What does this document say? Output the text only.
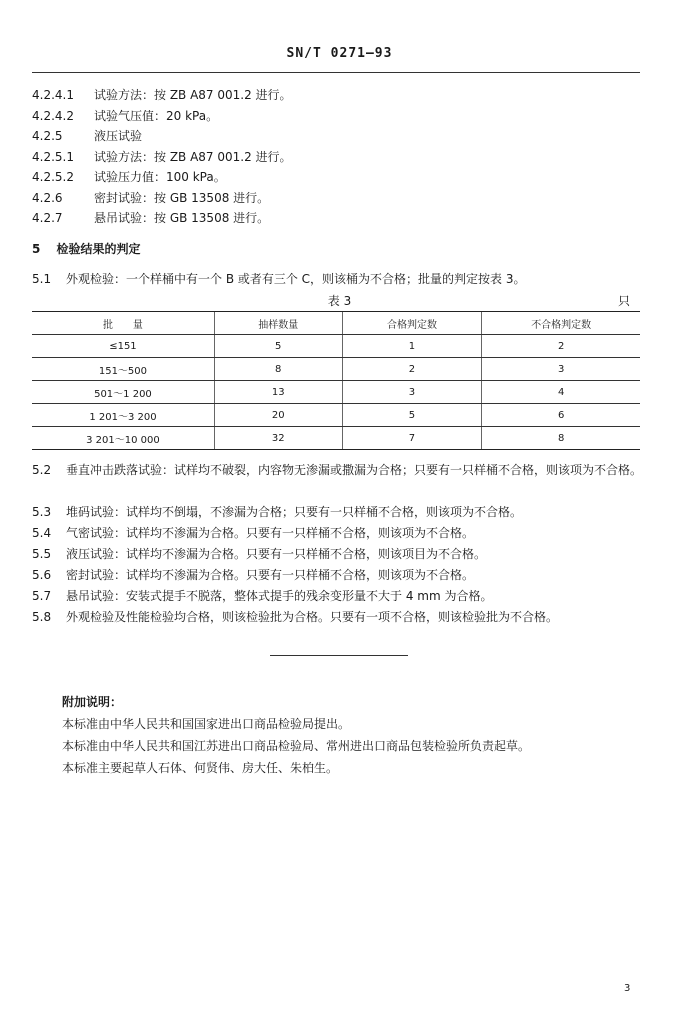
SN/T 0271—93
4.2.4.1 试验方法：按 ZB A87 001.2 进行。
4.2.4.2 试验气压值：20 kPa。
4.2.5	液压试验
4.2.5.1 试验方法：按 ZB A87 001.2 进行。
4.2.5.2 试验压力值：100 kPa。
4.2.6	密封试验：按 GB 13508 进行。
4.2.7	悬吊试验：按 GB 13508 进行。
5 检验结果的判定
5.1 外观检验：一个样桶中有一个 B 或者有三个 C，则该桶为不合格；批量的判定按表 3。
表 3	只
批　　量	抽样数量	合格判定数	不合格判定数
≤151	5	1	2
151～500	8	2	3
501～1 200	13	3	4
1 201～3 200	20	5	6
3 201～10 000	32	7	8
5.2 垂直冲击跌落试验：试样均不破裂，内容物无渗漏或撒漏为合格；只要有一只样桶不合格，则该项为不合格。
5.3 堆码试验：试样均不倒塌，不渗漏为合格；只要有一只样桶不合格，则该项为不合格。
5.4 气密试验：试样均不渗漏为合格。只要有一只样桶不合格，则该项为不合格。
5.5 液压试验：试样均不渗漏为合格。只要有一只样桶不合格，则该项目为不合格。
5.6 密封试验：试样均不渗漏为合格。只要有一只样桶不合格，则该项为不合格。
5.7 悬吊试验：安装式提手不脱落，整体式提手的残余变形量不大于 4 mm 为合格。
5.8 外观检验及性能检验均合格，则该检验批为合格。只要有一项不合格，则该检验批为不合格。
附加说明：
本标准由中华人民共和国国家进出口商品检验局提出。
本标准由中华人民共和国江苏进出口商品检验局、常州进出口商品包装检验所负责起草。
本标准主要起草人石体、何贤伟、房大任、朱柏生。
3
